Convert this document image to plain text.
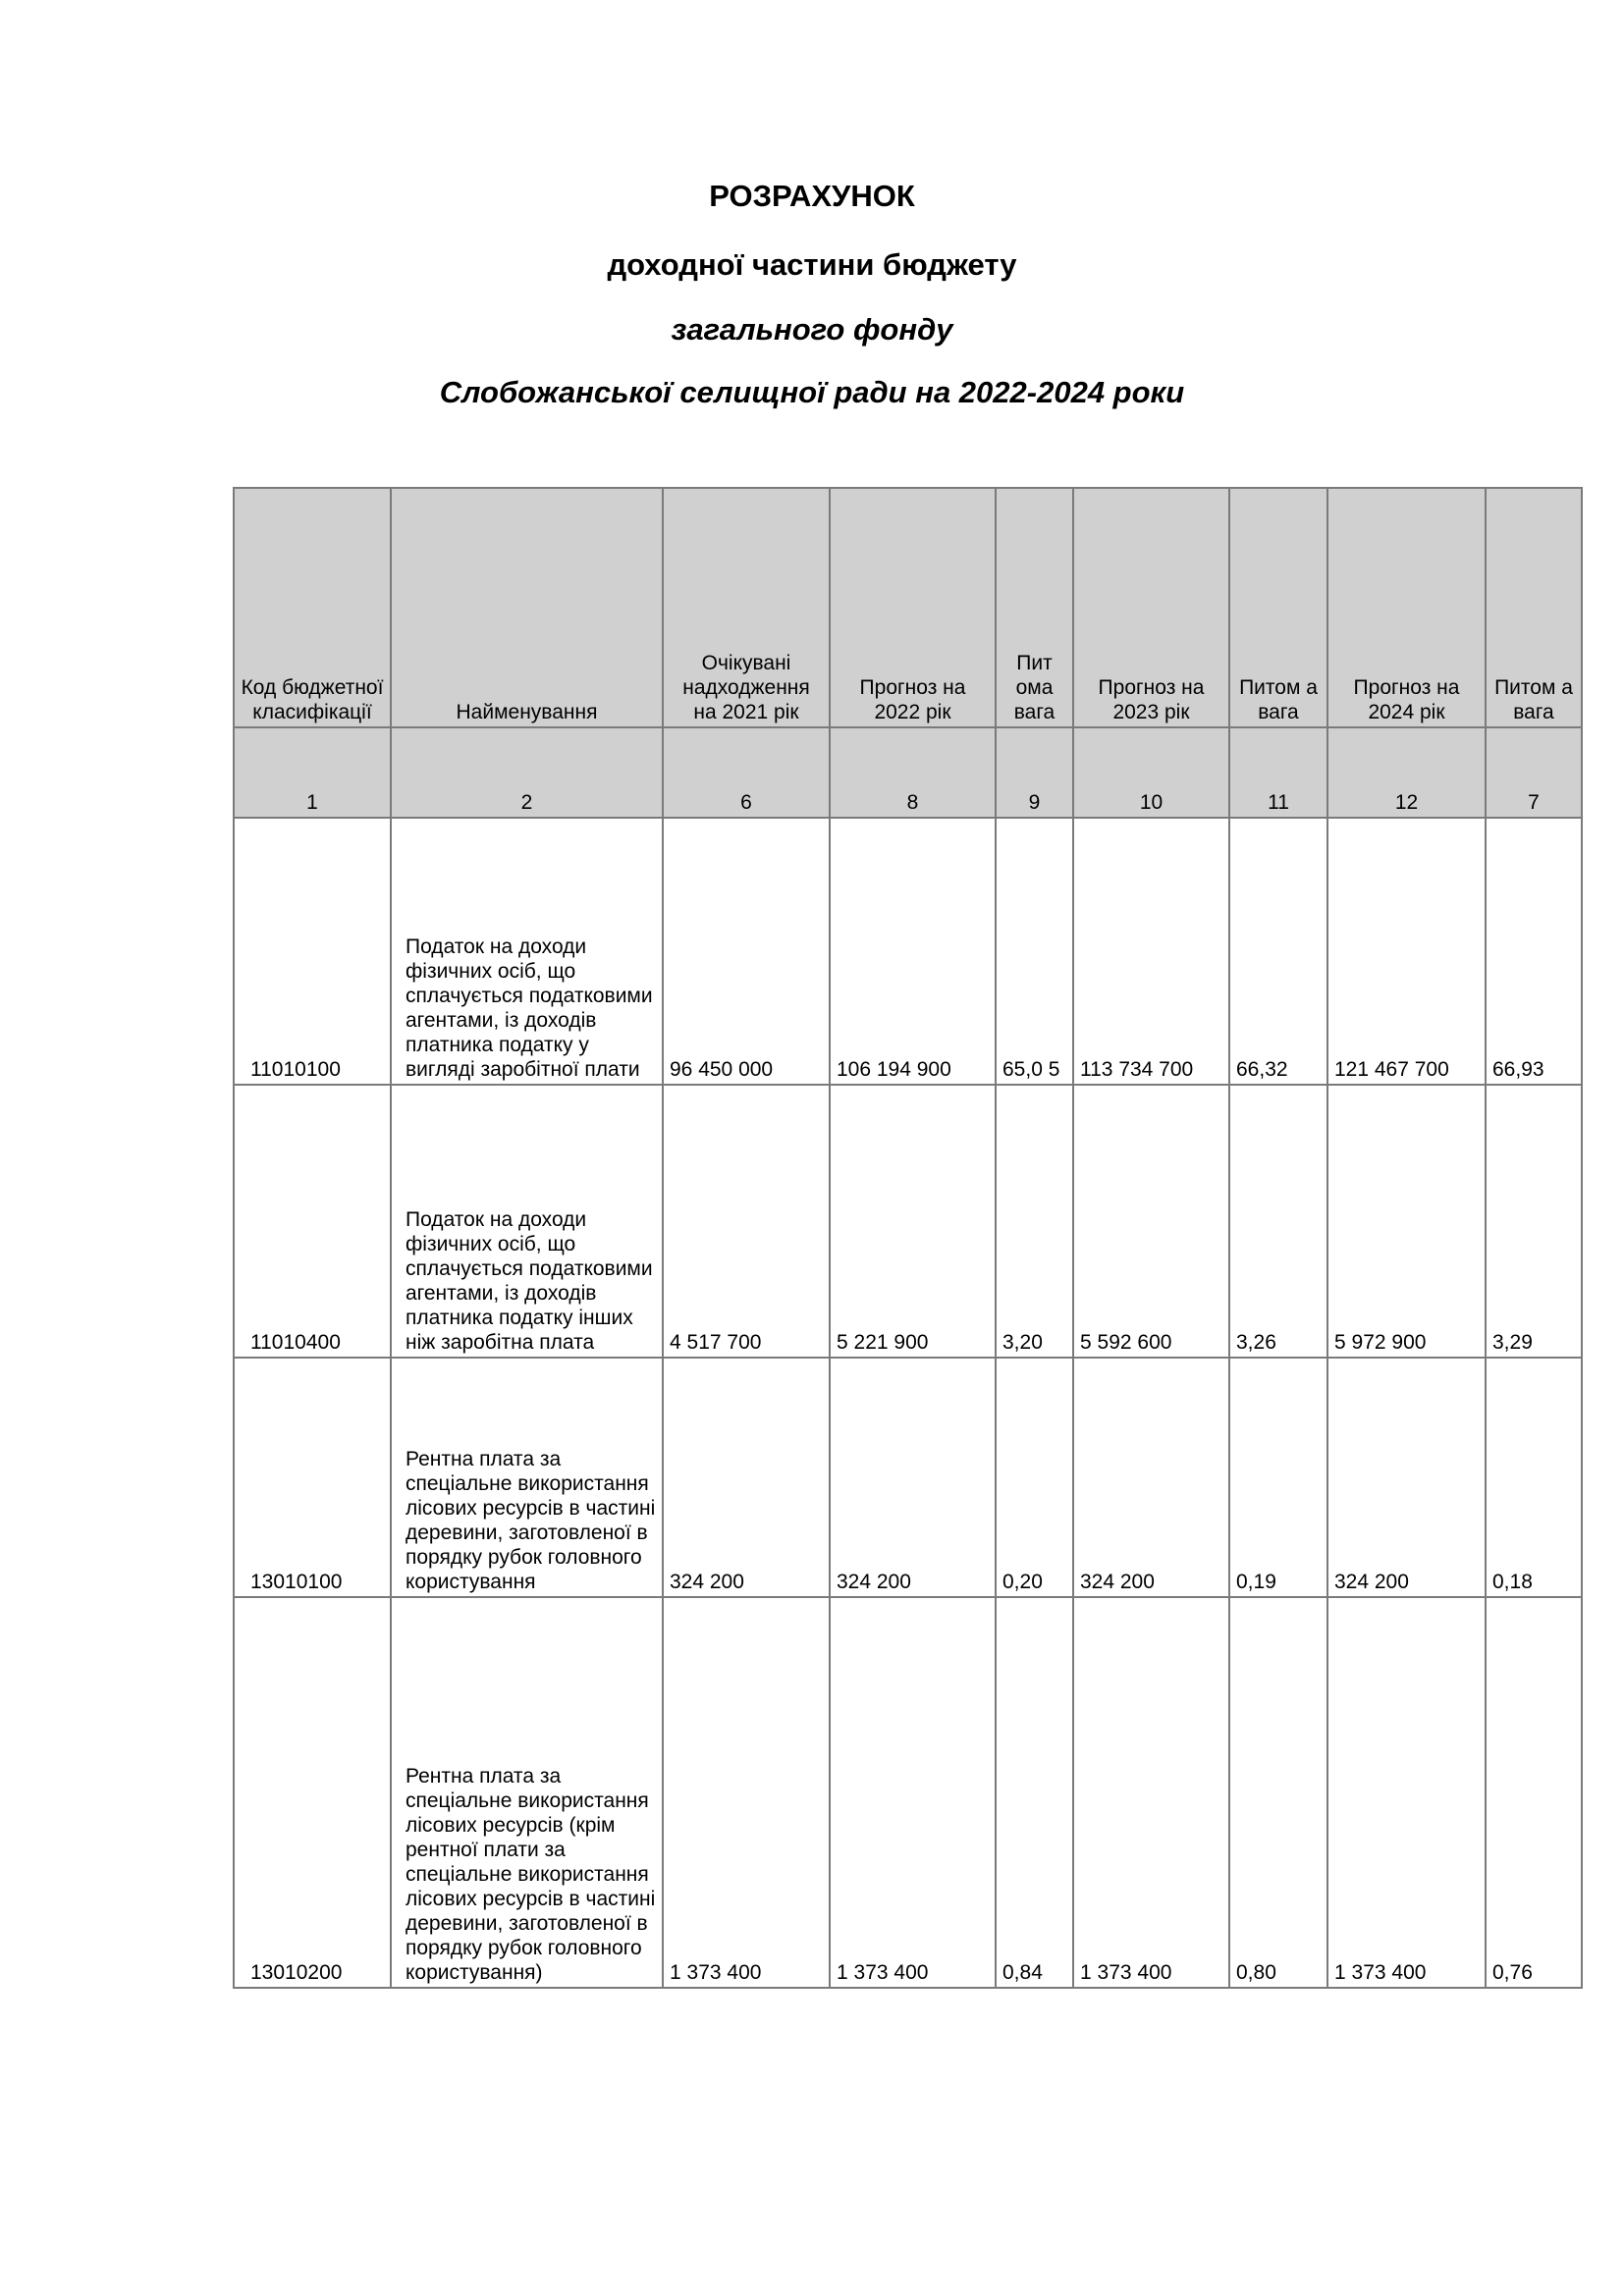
РОЗРАХУНОК
доходної частини бюджету
загального фонду
Слобожанської селищної ради на 2022-2024 роки
Код бюджетної класифікації	Найменування	Очікувані надходження на 2021 рік	Прогноз на 2022 рік	Пит ома вага	Прогноз на 2023 рік	Питом а вага	Прогноз на 2024 рік	Питом а вага
1	2	6	8	9	10	11	12	7
11010100	Податок на доходи фізичних осіб, що сплачується податковими агентами, із доходів платника податку у вигляді заробітної плати	96 450 000	106 194 900	65,0 5	113 734 700	66,32	121 467 700	66,93
11010400	Податок на доходи фізичних осіб, що сплачується податковими агентами, із доходів платника податку інших ніж заробітна плата	4 517 700	5 221 900	3,20	5 592 600	3,26	5 972 900	3,29
13010100	Рентна плата за спеціальне використання лісових ресурсів в частині деревини, заготовленої в порядку рубок головного користування	324 200	324 200	0,20	324 200	0,19	324 200	0,18
13010200	Рентна плата за спеціальне використання лісових ресурсів (крім рентної плати за спеціальне використання лісових ресурсів в частині деревини, заготовленої в порядку рубок головного користування)	1 373 400	1 373 400	0,84	1 373 400	0,80	1 373 400	0,76
